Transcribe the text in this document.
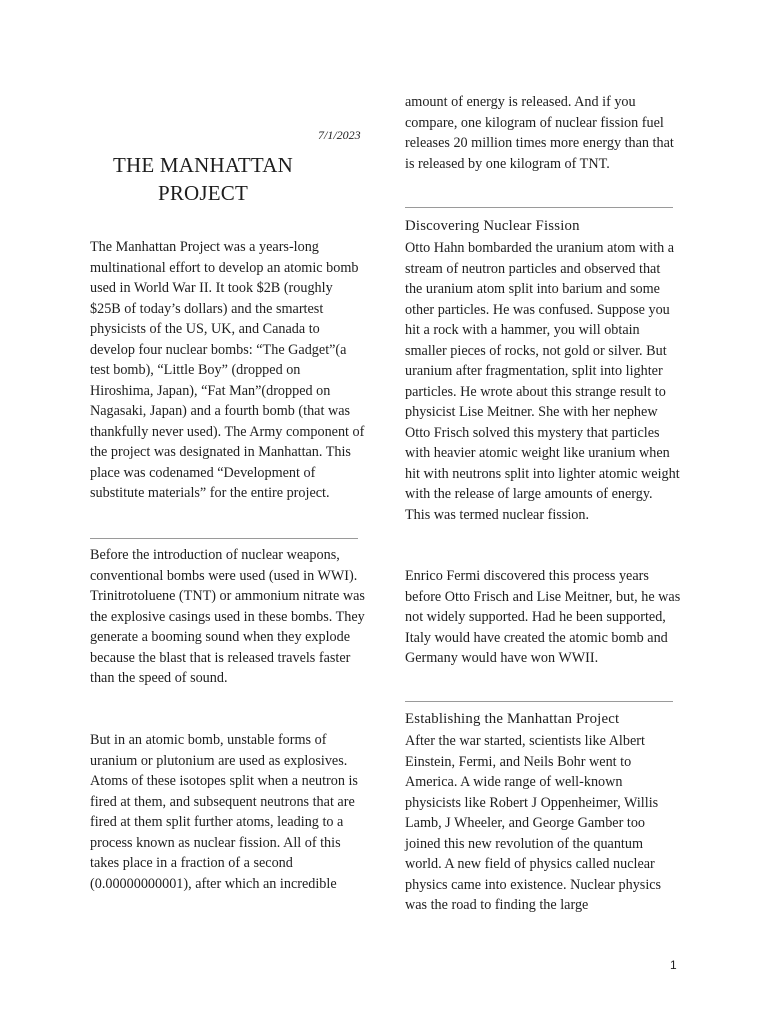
7/1/2023
THE MANHATTAN PROJECT

The Manhattan Project was a years-long multinational effort to develop an atomic bomb used in World War II. It took $2B (roughly $25B of today’s dollars) and the smartest physicists of the US, UK, and Canada to develop four nuclear bombs: “The Gadget”(a test bomb), “Little Boy” (dropped on Hiroshima, Japan), “Fat Man”(dropped on Nagasaki, Japan) and a fourth bomb (that was thankfully never used). The Army component of the project was designated in Manhattan. This place was codenamed “Development of substitute materials” for the entire project.

Before the introduction of nuclear weapons, conventional bombs were used (used in WWI). Trinitrotoluene (TNT) or ammonium nitrate was the explosive casings used in these bombs. They generate a booming sound when they explode because the blast that is released travels faster than the speed of sound.

But in an atomic bomb, unstable forms of uranium or plutonium are used as explosives. Atoms of these isotopes split when a neutron is fired at them, and subsequent neutrons that are fired at them split further atoms, leading to a process known as nuclear fission. All of this takes place in a fraction of a second (0.00000000001), after which an incredible

amount of energy is released. And if you compare, one kilogram of nuclear fission fuel releases 20 million times more energy than that is released by one kilogram of TNT.

Discovering Nuclear Fission

Otto Hahn bombarded the uranium atom with a stream of neutron particles and observed that the uranium atom split into barium and some other particles. He was confused. Suppose you hit a rock with a hammer, you will obtain smaller pieces of rocks, not gold or silver. But uranium after fragmentation, split into lighter particles. He wrote about this strange result to physicist Lise Meitner. She with her nephew Otto Frisch solved this mystery that particles with heavier atomic weight like uranium when hit with neutrons split into lighter atomic weight with the release of large amounts of energy. This was termed nuclear fission.

Enrico Fermi discovered this process years before Otto Frisch and Lise Meitner, but, he was not widely supported. Had he been supported, Italy would have created the atomic bomb and Germany would have won WWII.

Establishing the Manhattan Project

After the war started, scientists like Albert Einstein, Fermi, and Neils Bohr went to America. A wide range of well-known physicists like Robert J Oppenheimer, Willis Lamb, J Wheeler, and George Gamber too joined this new revolution of the quantum world. A new field of physics called nuclear physics came into existence. Nuclear physics was the road to finding the large

1
